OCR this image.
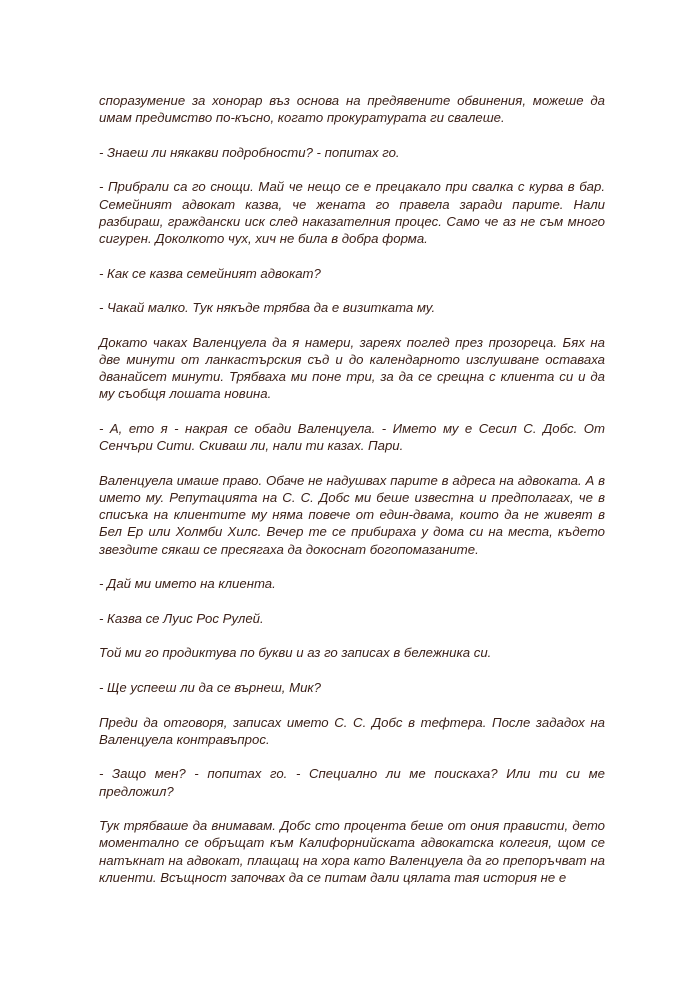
споразумение за хонорар въз основа на предявените обвинения, можеше да имам предимство по-късно, когато прокуратурата ги свалеше.

- Знаеш ли някакви подробности? - попитах го.

- Прибрали са го снощи. Май че нещо се е прецакало при свалка с курва в бар. Семейният адвокат казва, че жената го правела заради парите. Нали разбираш, граждански иск след наказателния процес. Само че аз не съм много сигурен. Доколкото чух, хич не била в добра форма.

- Как се казва семейният адвокат?

- Чакай малко. Тук някъде трябва да е визитката му.

Докато чаках Валенцуела да я намери, зареях поглед през прозореца. Бях на две минути от ланкастърския съд и до календарното изслушване оставаха дванайсет минути. Трябваха ми поне три, за да се срещна с клиента си и да му съобщя лошата новина.

- А, ето я - накрая се обади Валенцуела. - Името му е Сесил С. Добс. От Сенчъри Сити. Скиваш ли, нали ти казах. Пари.

Валенцуела имаше право. Обаче не надушвах парите в адреса на адвоката. А в името му. Репутацията на С. С. Добс ми беше известна и предполагах, че в списъка на клиентите му няма повече от един-двама, които да не живеят в Бел Ер или Холмби Хилс. Вечер те се прибираха у дома си на места, където звездите сякаш се пресягаха да докоснат богопомазаните.

- Дай ми името на клиента.

- Казва се Луис Рос Рулей.

Той ми го продиктува по букви и аз го записах в бележника си.

- Ще успееш ли да се върнеш, Мик?

Преди да отговоря, записах името С. С. Добс в тефтера. После зададох на Валенцуела контравъпрос.

- Защо мен? - попитах го. - Специално ли ме поискаха? Или ти си ме предложил?

Тук трябваше да внимавам. Добс сто процента беше от ония прависти, дето моментално се обръщат към Калифорнийската адвокатска колегия, щом се натъкнат на адвокат, плащащ на хора като Валенцуела да го препоръчват на клиенти. Всъщност започвах да се питам дали цялата тая история не е
